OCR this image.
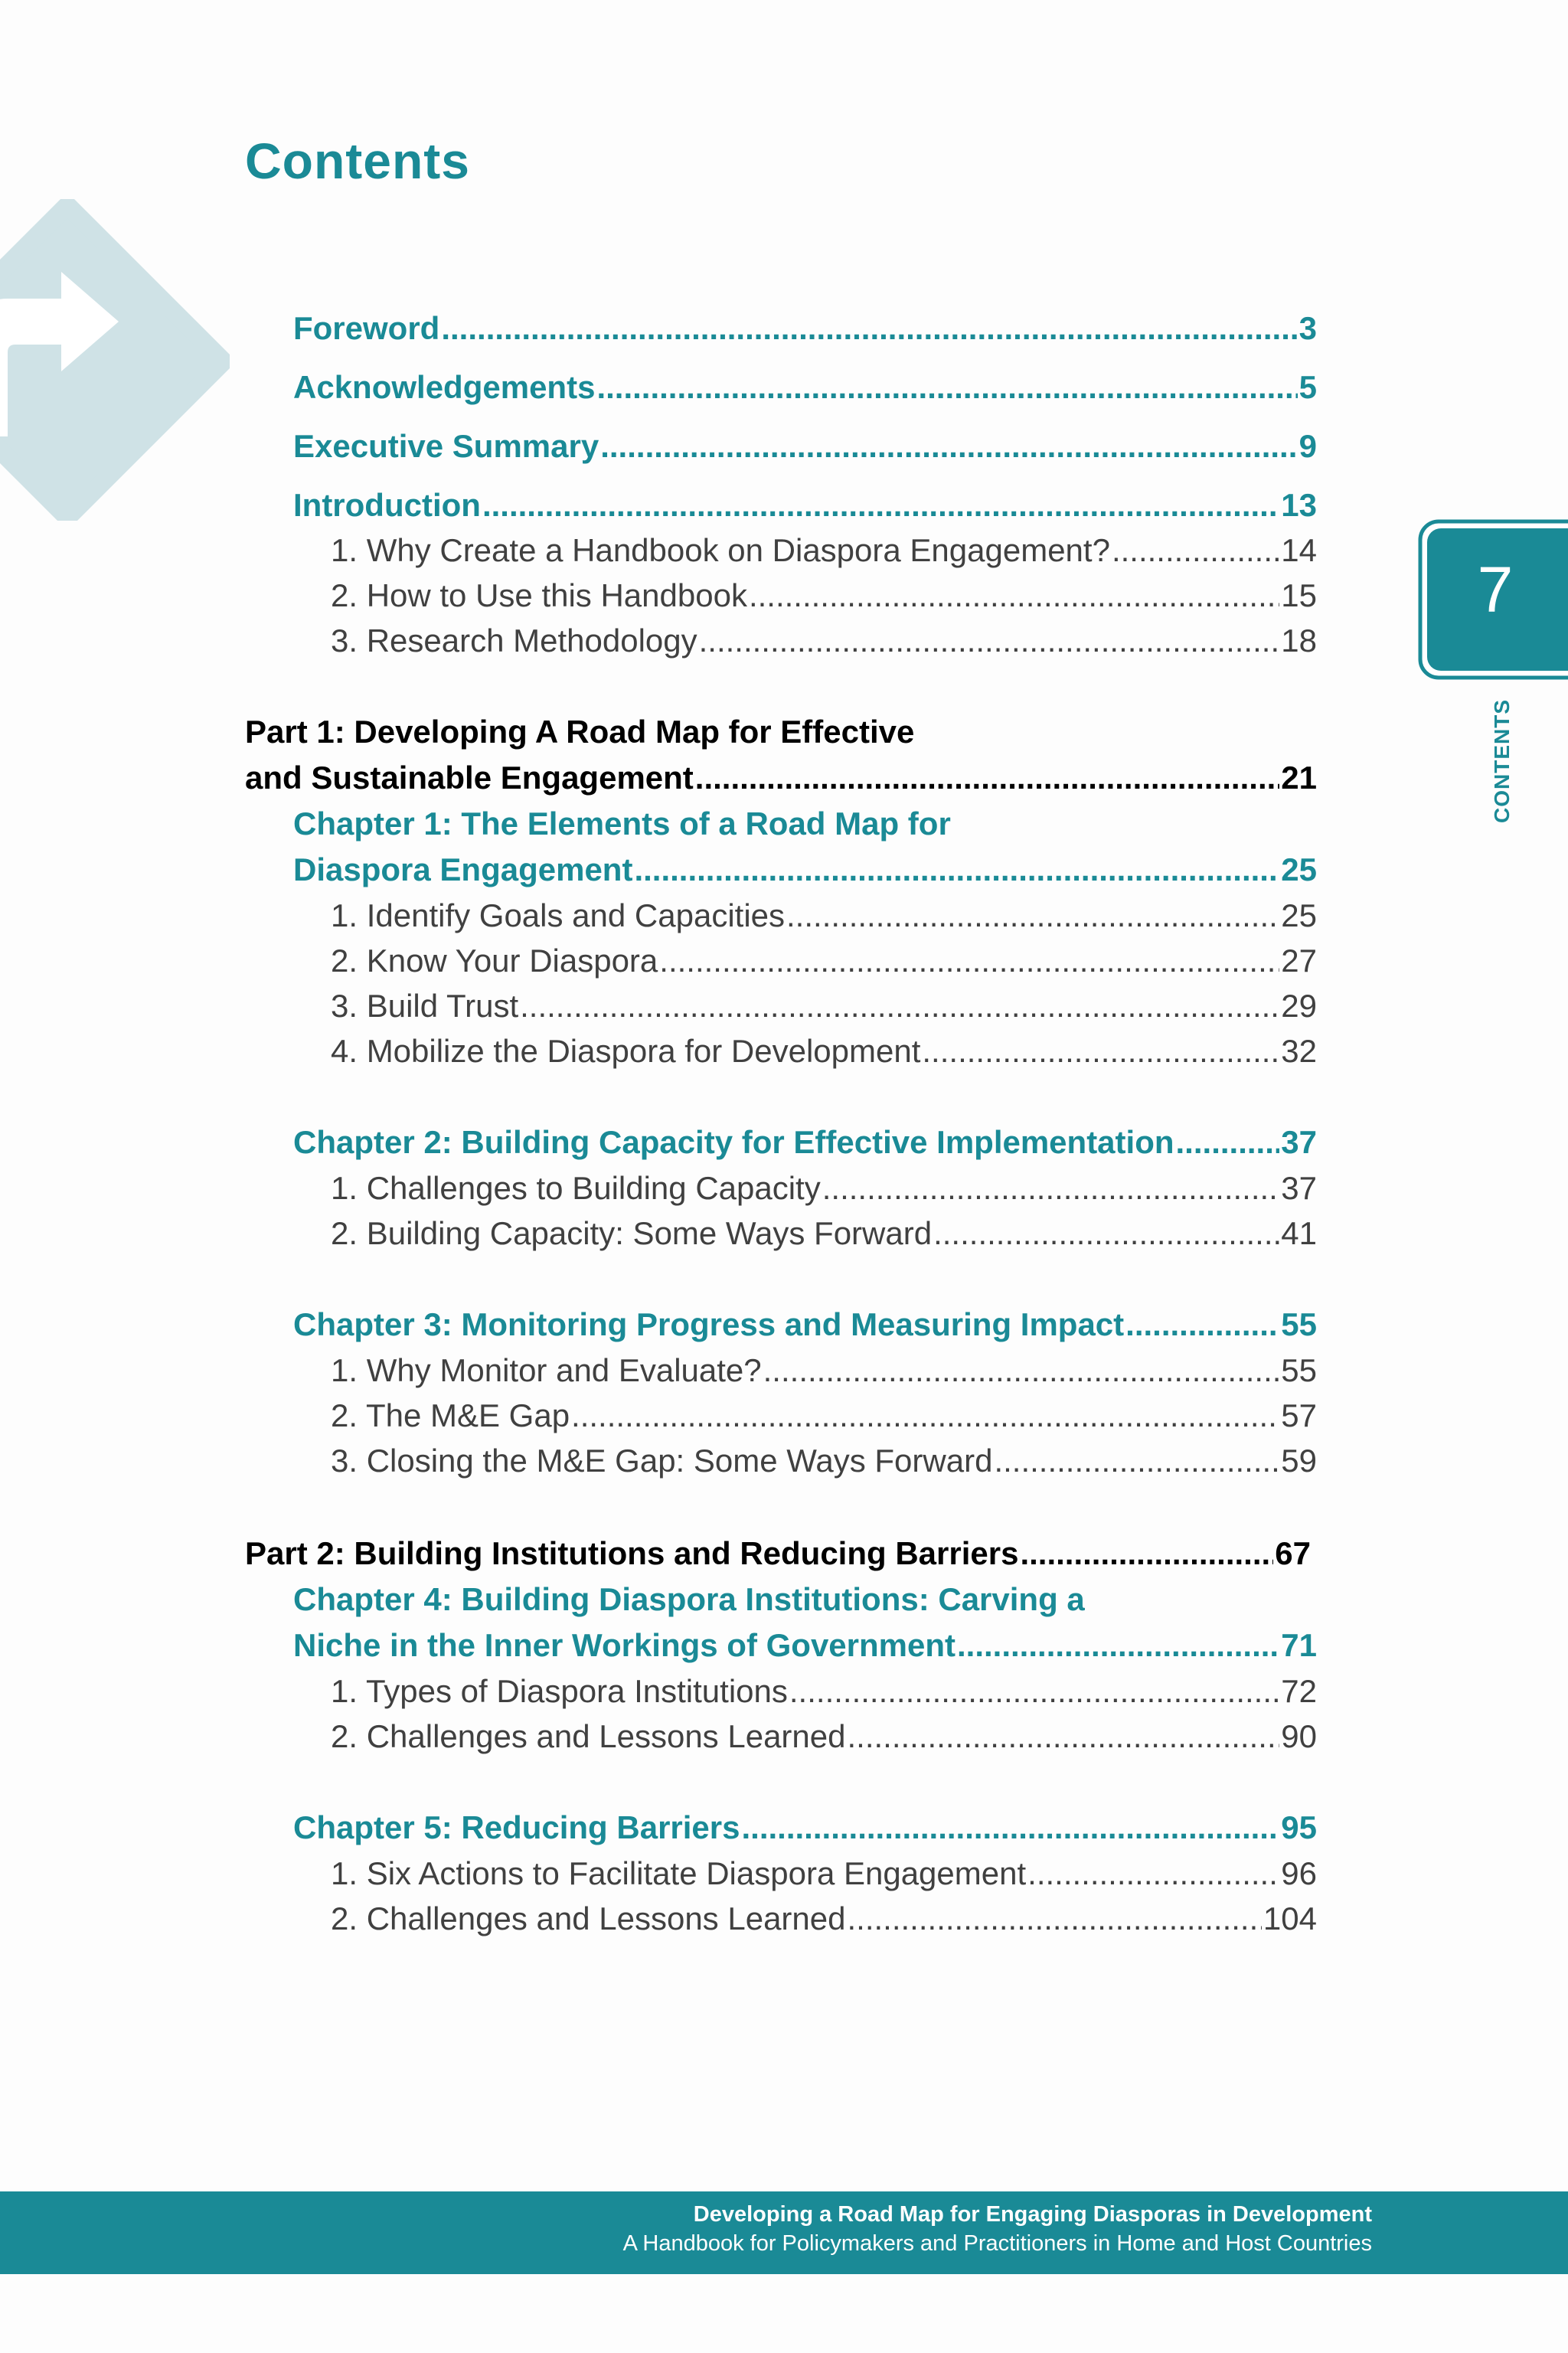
Contents
7
CONTENTS
Foreword .....	3
Acknowledgements .....	5
Executive Summary .....	9
Introduction .....	13
1. Why Create a Handbook on Diaspora Engagement? .....	14
2. How to Use this Handbook .....	15
3. Research Methodology .....	18
Part 1: Developing A Road Map for Effective
and Sustainable Engagement .....	21
Chapter 1: The Elements of a Road Map for
Diaspora Engagement .....	25
1. Identify Goals and Capacities .....	25
2. Know Your Diaspora .....	27
3. Build Trust .....	29
4. Mobilize the Diaspora for Development .....	32
Chapter 2: Building Capacity for Effective Implementation .....	37
1. Challenges to Building Capacity .....	37
2. Building Capacity: Some Ways Forward .....	41
Chapter 3: Monitoring Progress and Measuring Impact .....	55
1. Why Monitor and Evaluate? .....	55
2. The M&E Gap .....	57
3. Closing the M&E Gap: Some Ways Forward .....	59
Part 2: Building Institutions and Reducing Barriers .....	67
Chapter 4: Building Diaspora Institutions: Carving a
Niche in the Inner Workings of Government .....	71
1. Types of Diaspora Institutions .....	72
2. Challenges and Lessons Learned .....	90
Chapter 5: Reducing Barriers .....	95
1. Six Actions to Facilitate Diaspora Engagement .....	96
2. Challenges and Lessons Learned .....	104
Developing a Road Map for Engaging Diasporas in Development
A Handbook for Policymakers and Practitioners in Home and Host Countries
